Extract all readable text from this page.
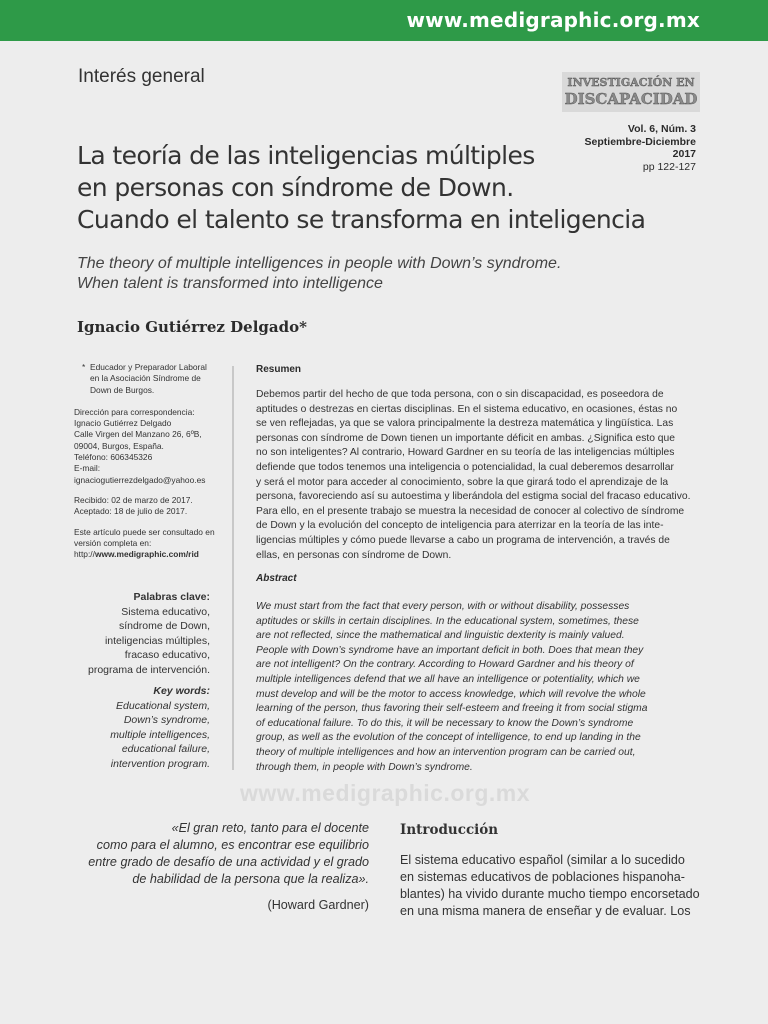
www.medigraphic.org.mx
Interés general	INVESTIGACIÓN EN
DISCAPACIDAD
Vol. 6, Núm. 3
Septiembre-Diciembre 2017
pp 122-127
La teoría de las inteligencias múltiples
en personas con síndrome de Down.
Cuando el talento se transforma en inteligencia
The theory of multiple intelligences in people with Down’s syndrome.
When talent is transformed into intelligence
Ignacio Gutiérrez Delgado*
* Educador y Preparador Laboral
en la Asociación Síndrome de
Down de Burgos.
Dirección para correspondencia:
Ignacio Gutiérrez Delgado
Calle Virgen del Manzano 26, 6ºB,
09004, Burgos, España.
Teléfono: 606345326
E-mail:
ignaciogutierrezdelgado@yahoo.es
Recibido: 02 de marzo de 2017.
Aceptado: 18 de julio de 2017.
Este artículo puede ser consultado en
versión completa en:
http://www.medigraphic.com/rid
Palabras clave:
Sistema educativo,
síndrome de Down,
inteligencias múltiples,
fracaso educativo,
programa de intervención.
Key words:
Educational system,
Down’s syndrome,
multiple intelligences,
educational failure,
intervention program.
Resumen
Debemos partir del hecho de que toda persona, con o sin discapacidad, es poseedora de
aptitudes o destrezas en ciertas disciplinas. En el sistema educativo, en ocasiones, éstas no
se ven reflejadas, ya que se valora principalmente la destreza matemática y lingüística. Las
personas con síndrome de Down tienen un importante déficit en ambas. ¿Significa esto que
no son inteligentes? Al contrario, Howard Gardner en su teoría de las inteligencias múltiples
defiende que todos tenemos una inteligencia o potencialidad, la cual deberemos desarrollar
y será el motor para acceder al conocimiento, sobre la que girará todo el aprendizaje de la
persona, favoreciendo así su autoestima y liberándola del estigma social del fracaso educativo.
Para ello, en el presente trabajo se muestra la necesidad de conocer al colectivo de síndrome
de Down y la evolución del concepto de inteligencia para aterrizar en la teoría de las inte-
ligencias múltiples y cómo puede llevarse a cabo un programa de intervención, a través de
ellas, en personas con síndrome de Down.
Abstract
We must start from the fact that every person, with or without disability, possesses
aptitudes or skills in certain disciplines. In the educational system, sometimes, these
are not reflected, since the mathematical and linguistic dexterity is mainly valued.
People with Down’s syndrome have an important deficit in both. Does that mean they
are not intelligent? On the contrary. According to Howard Gardner and his theory of
multiple intelligences defend that we all have an intelligence or potentiality, which we
must develop and will be the motor to access knowledge, which will revolve the whole
learning of the person, thus favoring their self-esteem and freeing it from social stigma
of educational failure. To do this, it will be necessary to know the Down’s syndrome
group, as well as the evolution of the concept of intelligence, to end up landing in the
theory of multiple intelligences and how an intervention program can be carried out,
through them, in people with Down’s syndrome.
www.medigraphic.org.mx
«El gran reto, tanto para el docente
como para el alumno, es encontrar ese equilibrio
entre grado de desafío de una actividad y el grado
de habilidad de la persona que la realiza».
(Howard Gardner)
Introducción
El sistema educativo español (similar a lo sucedido
en sistemas educativos de poblaciones hispanoha-
blantes) ha vivido durante mucho tiempo encorsetado
en una misma manera de enseñar y de evaluar. Los
